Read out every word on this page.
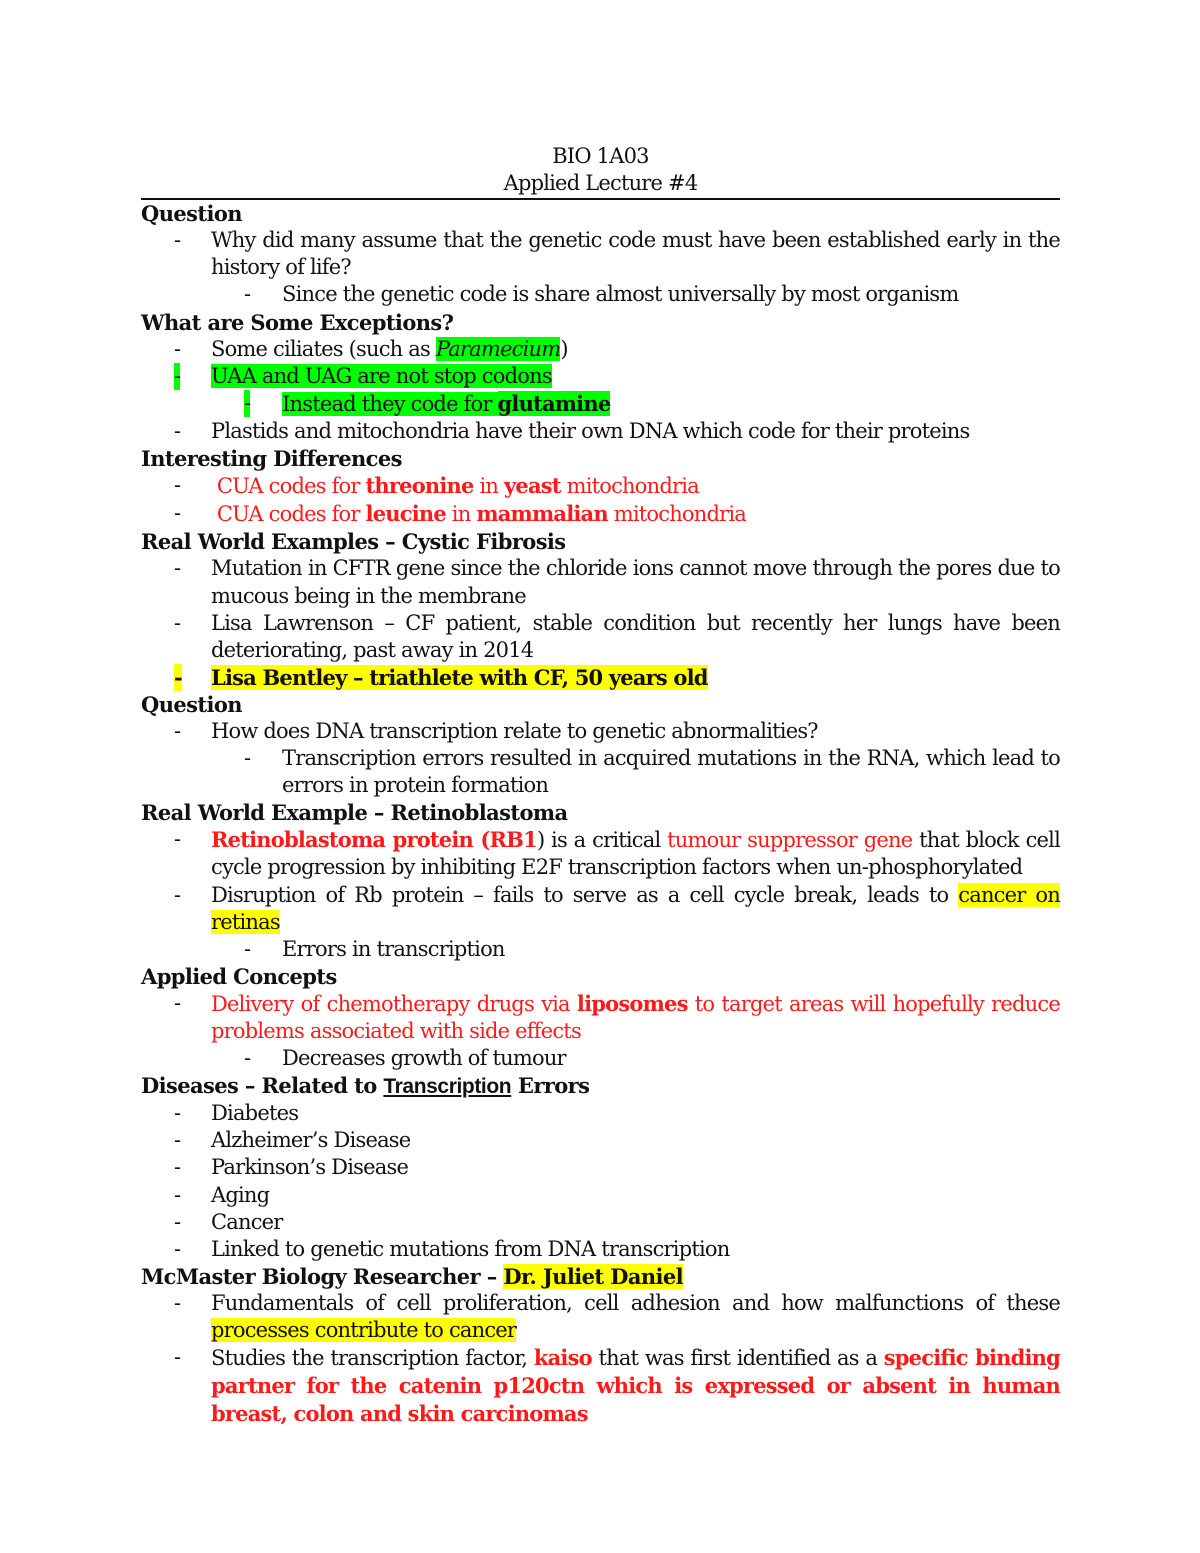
BIO 1A03
Applied Lecture #4
Question
- Why did many assume that the genetic code must have been established early in the history of life?
- Since the genetic code is share almost universally by most organism
What are Some Exceptions?
- Some ciliates (such as Paramecium)
- UAA and UAG are not stop codons
- Instead they code for glutamine
- Plastids and mitochondria have their own DNA which code for their proteins
Interesting Differences
- CUA codes for threonine in yeast mitochondria
- CUA codes for leucine in mammalian mitochondria
Real World Examples – Cystic Fibrosis
- Mutation in CFTR gene since the chloride ions cannot move through the pores due to mucous being in the membrane
- Lisa Lawrenson – CF patient, stable condition but recently her lungs have been deteriorating, past away in 2014
- Lisa Bentley – triathlete with CF, 50 years old
Question
- How does DNA transcription relate to genetic abnormalities?
- Transcription errors resulted in acquired mutations in the RNA, which lead to errors in protein formation
Real World Example – Retinoblastoma
- Retinoblastoma protein (RB1) is a critical tumour suppressor gene that block cell cycle progression by inhibiting E2F transcription factors when un-phosphorylated
- Disruption of Rb protein – fails to serve as a cell cycle break, leads to cancer on retinas
- Errors in transcription
Applied Concepts
- Delivery of chemotherapy drugs via liposomes to target areas will hopefully reduce problems associated with side effects
- Decreases growth of tumour
Diseases – Related to Transcription Errors
- Diabetes
- Alzheimer’s Disease
- Parkinson’s Disease
- Aging
- Cancer
- Linked to genetic mutations from DNA transcription
McMaster Biology Researcher – Dr. Juliet Daniel
- Fundamentals of cell proliferation, cell adhesion and how malfunctions of these processes contribute to cancer
- Studies the transcription factor, kaiso that was first identified as a specific binding partner for the catenin p120ctn which is expressed or absent in human breast, colon and skin carcinomas
